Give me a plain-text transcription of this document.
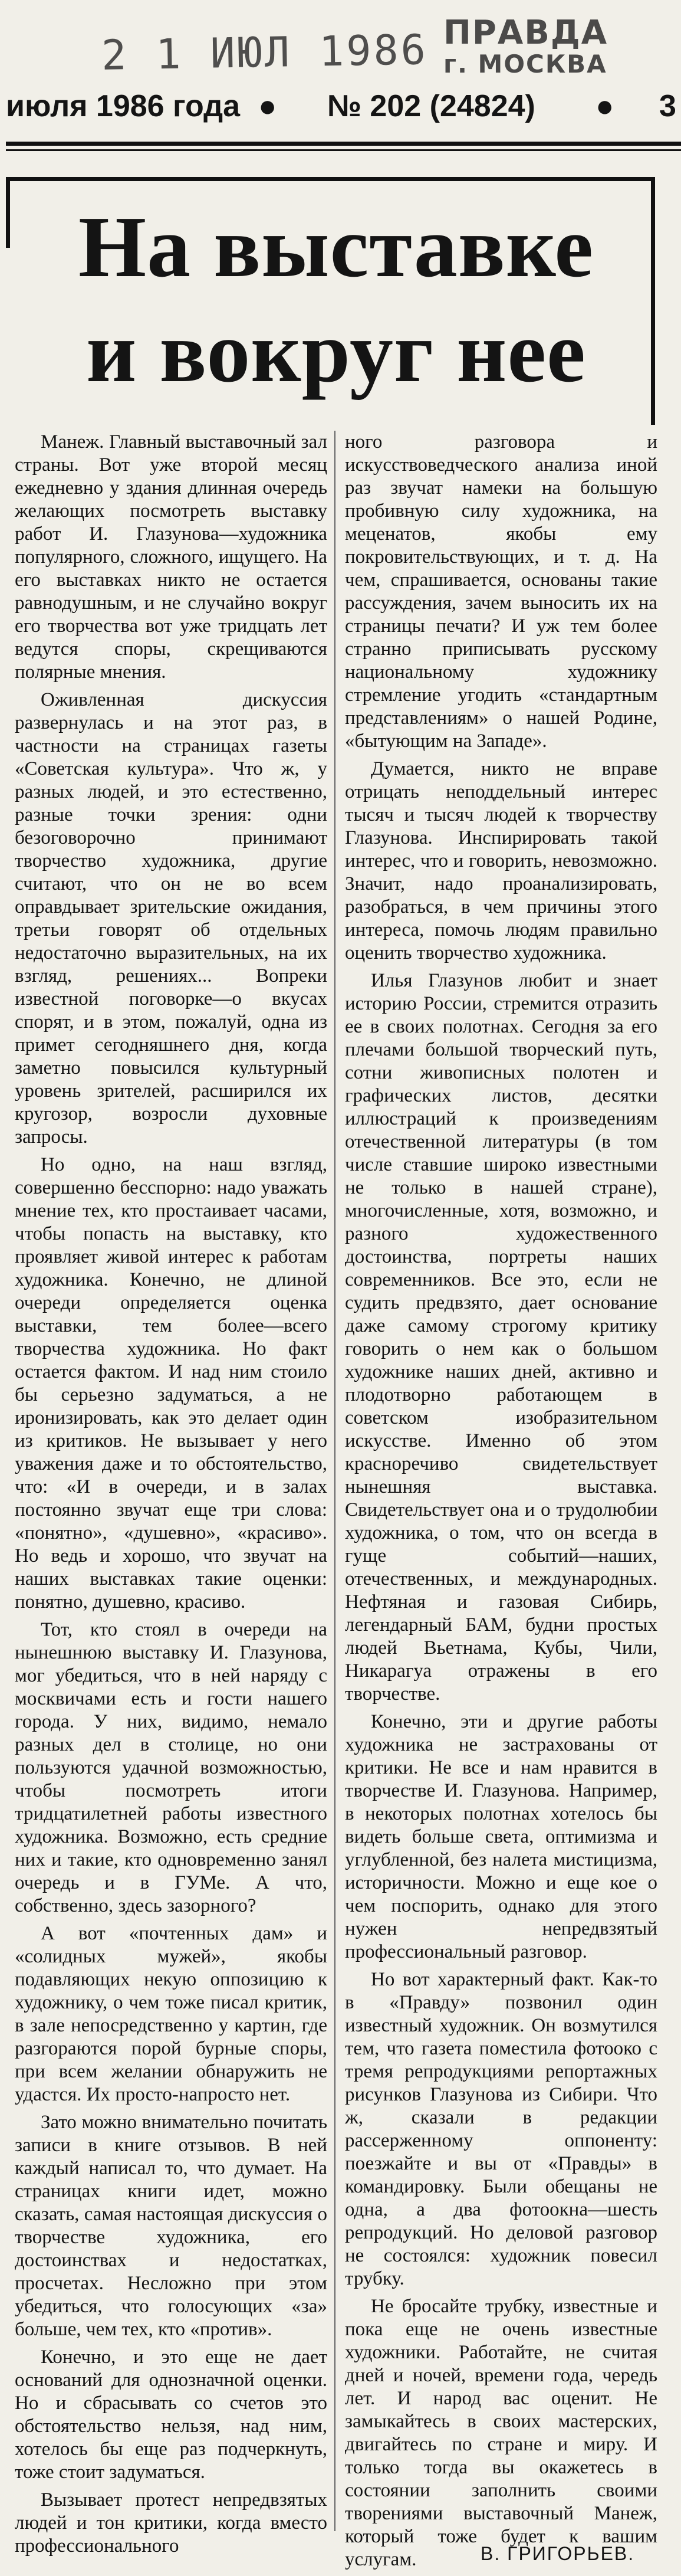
2 1 ИЮЛ 1986 ПРАВДА
г. МОСКВА
июля 1986 года ● № 202 (24824) ● 3
На выставке
и вокруг нее

Манеж. Главный выставочный зал страны. Вот уже второй месяц ежедневно у здания длинная очередь желающих посмотреть выставку работ И. Глазунова—художника популярного, сложного, ищущего. На его выставках никто не остается равнодушным, и не случайно вокруг его творчества вот уже тридцать лет ведутся споры, скрещиваются полярные мнения.

Оживленная дискуссия развернулась и на этот раз, в частности на страницах газеты «Советская культура». Что ж, у разных людей, и это естественно, разные точки зрения: одни безоговорочно принимают творчество художника, другие считают, что он не во всем оправдывает зрительские ожидания, третьи говорят об отдельных недостаточно выразительных, на их взгляд, решениях... Вопреки известной поговорке—о вкусах спорят, и в этом, пожалуй, одна из примет сегодняшнего дня, когда заметно повысился культурный уровень зрителей, расширился их кругозор, возросли духовные запросы.

Но одно, на наш взгляд, совершенно бесспорно: надо уважать мнение тех, кто простаивает часами, чтобы попасть на выставку, кто проявляет живой интерес к работам художника. Конечно, не длиной очереди определяется оценка выставки, тем более—всего творчества художника. Но факт остается фактом. И над ним стоило бы серьезно задуматься, а не иронизировать, как это делает один из критиков. Не вызывает у него уважения даже и то обстоятельство, что: «И в очереди, и в залах постоянно звучат еще три слова: «понятно», «душевно», «красиво». Но ведь и хорошо, что звучат на наших выставках такие оценки: понятно, душевно, красиво.

Тот, кто стоял в очереди на нынешнюю выставку И. Глазунова, мог убедиться, что в ней наряду с москвичами есть и гости нашего города. У них, видимо, немало разных дел в столице, но они пользуются удачной возможностью, чтобы посмотреть итоги тридцатилетней работы известного художника. Возможно, есть средние них и такие, кто одновременно занял очередь и в ГУМе. А что, собственно, здесь зазорного?

А вот «почтенных дам» и «солидных мужей», якобы подавляющих некую оппозицию к художнику, о чем тоже писал критик, в зале непосредственно у картин, где разгораются порой бурные споры, при всем желании обнаружить не удастся. Их просто-напросто нет.

Зато можно внимательно почитать записи в книге отзывов. В ней каждый написал то, что думает. На страницах книги идет, можно сказать, самая настоящая дискуссия о творчестве художника, его достоинствах и недостатках, просчетах. Несложно при этом убедиться, что голосующих «за» больше, чем тех, кто «против».

Конечно, и это еще не дает оснований для однозначной оценки. Но и сбрасывать со счетов это обстоятельство нельзя, над ним, хотелось бы еще раз подчеркнуть, тоже стоит задуматься.

Вызывает протест непредвзятых людей и тон критики, когда вместо профессионального

ного разговора и искусствоведческого анализа иной раз звучат намеки на большую пробивную силу художника, на меценатов, якобы ему покровительствующих, и т. д. На чем, спрашивается, основаны такие рассуждения, зачем выносить их на страницы печати? И уж тем более странно приписывать русскому национальному художнику стремление угодить «стандартным представлениям» о нашей Родине, «бытующим на Западе».

Думается, никто не вправе отрицать неподдельный интерес тысяч и тысяч людей к творчеству Глазунова. Инспирировать такой интерес, что и говорить, невозможно. Значит, надо проанализировать, разобраться, в чем причины этого интереса, помочь людям правильно оценить творчество художника.

Илья Глазунов любит и знает историю России, стремится отразить ее в своих полотнах. Сегодня за его плечами большой творческий путь, сотни живописных полотен и графических листов, десятки иллюстраций к произведениям отечественной литературы (в том числе ставшие широко известными не только в нашей стране), многочисленные, хотя, возможно, и разного художественного достоинства, портреты наших современников. Все это, если не судить предвзято, дает основание даже самому строгому критику говорить о нем как о большом художнике наших дней, активно и плодотворно работающем в советском изобразительном искусстве. Именно об этом красноречиво свидетельствует нынешняя выставка. Свидетельствует она и о трудолюбии художника, о том, что он всегда в гуще событий—наших, отечественных, и международных. Нефтяная и газовая Сибирь, легендарный БАМ, будни простых людей Вьетнама, Кубы, Чили, Никарагуа отражены в его творчестве.

Конечно, эти и другие работы художника не застрахованы от критики. Не все и нам нравится в творчестве И. Глазунова. Например, в некоторых полотнах хотелось бы видеть больше света, оптимизма и углубленной, без налета мистицизма, историчности. Можно и еще кое о чем поспорить, однако для этого нужен непредвзятый профессиональный разговор.

Но вот характерный факт. Как-то в «Правду» позвонил один известный художник. Он возмутился тем, что газета поместила фотооко с тремя репродукциями репортажных рисунков Глазунова из Сибири. Что ж, сказали в редакции рассерженному оппоненту: поезжайте и вы от «Правды» в командировку. Были обещаны не одна, а два фотоокна—шесть репродукций. Но деловой разговор не состоялся: художник повесил трубку.

Не бросайте трубку, известные и пока еще не очень известные художники. Работайте, не считая дней и ночей, времени года, чередь лет. И народ вас оценит. Не замыкайтесь в своих мастерских, двигайтесь по стране и миру. И только тогда вы окажетесь в состоянии заполнить своими творениями выставочный Манеж, который тоже будет к вашим услугам.	В. ГРИГОРЬЕВ.
